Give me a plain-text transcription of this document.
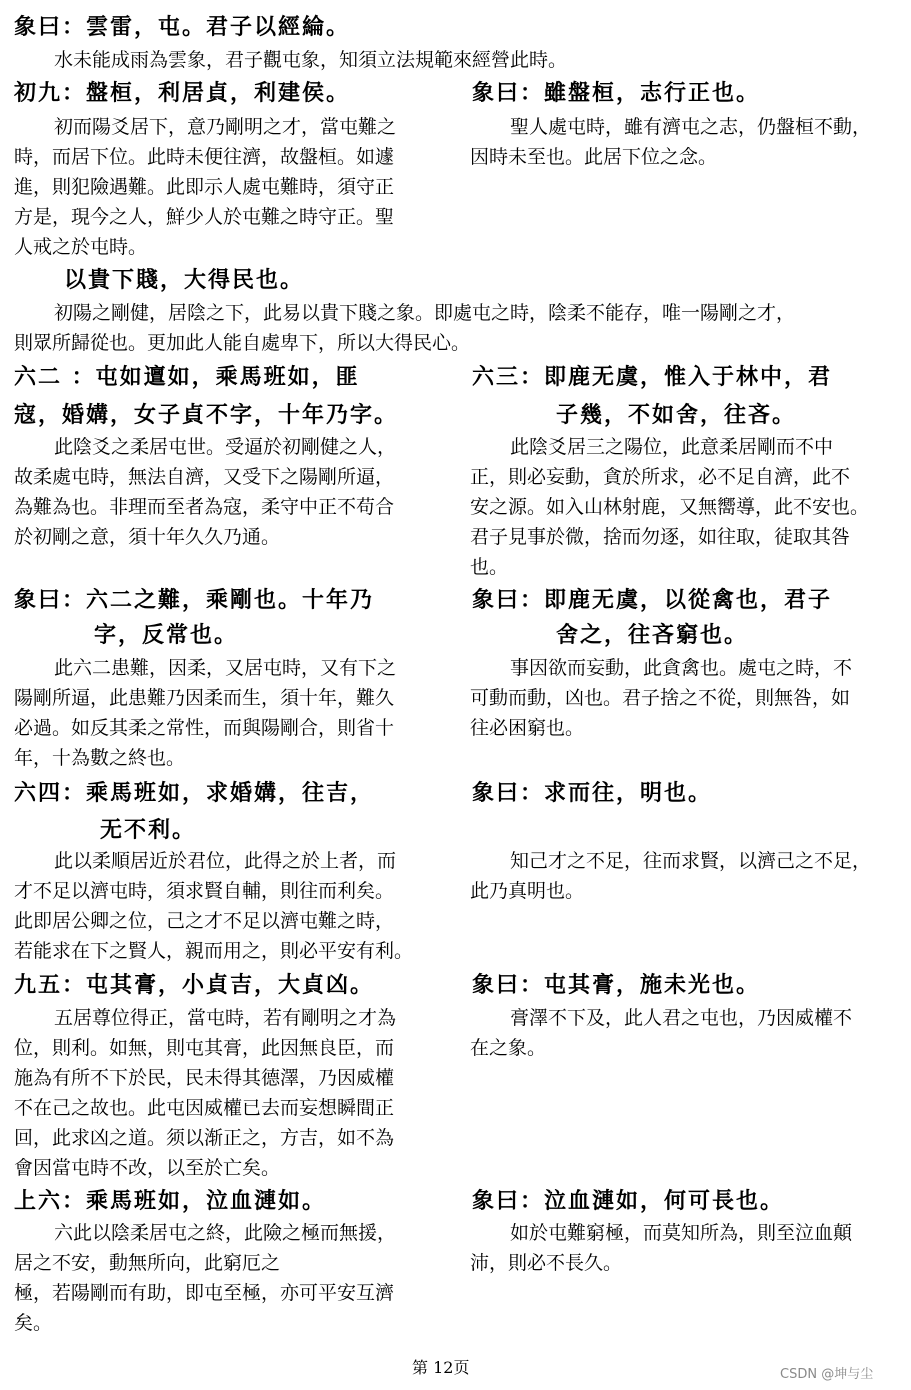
象曰：雲雷，屯。君子以經綸。
水未能成雨為雲象，君子觀屯象，知須立法規範來經營此時。
初九：盤桓，利居貞，利建侯。
初而陽爻居下，意乃剛明之才，當屯難之
時，而居下位。此時未便往濟，故盤桓。如遽
進，則犯險遇難。此即示人處屯難時，須守正
方是，現今之人，鮮少人於屯難之時守正。聖
人戒之於屯時。
象曰：雖盤桓，志行正也。
聖人處屯時，雖有濟屯之志，仍盤桓不動，
因時未至也。此居下位之念。
以貴下賤，大得民也。
初陽之剛健，居陰之下，此易以貴下賤之象。即處屯之時，陰柔不能存，唯一陽剛之才，
則眾所歸從也。更加此人能自處卑下，所以大得民心。
六二 ：屯如邅如，乘馬班如，匪
寇，婚媾，女子貞不字，十年乃字。
此陰爻之柔居屯世。受逼於初剛健之人，
故柔處屯時，無法自濟，又受下之陽剛所逼，
為難為也。非理而至者為寇，柔守中正不苟合
於初剛之意，須十年久久乃通。
六三：即鹿无虞，惟入于林中，君
子幾，不如舍，往吝。
此陰爻居三之陽位，此意柔居剛而不中
正，則必妄動，貪於所求，必不足自濟，此不
安之源。如入山林射鹿，又無嚮導，此不安也。
君子見事於微，捨而勿逐，如往取，徒取其咎
也。
象曰：六二之難，乘剛也。十年乃
字，反常也。
此六二患難，因柔，又居屯時，又有下之
陽剛所逼，此患難乃因柔而生，須十年，難久
必過。如反其柔之常性，而與陽剛合，則省十
年，十為數之終也。
象曰：即鹿无虞，以從禽也，君子
舍之，往吝窮也。
事因欲而妄動，此貪禽也。處屯之時，不
可動而動，凶也。君子捨之不從，則無咎，如
往必困窮也。
六四：乘馬班如，求婚媾，往吉，
无不利。
此以柔順居近於君位，此得之於上者，而
才不足以濟屯時，須求賢自輔，則往而利矣。
此即居公卿之位，己之才不足以濟屯難之時，
若能求在下之賢人，親而用之，則必平安有利。
象曰：求而往，明也。
知己才之不足，往而求賢，以濟己之不足，
此乃真明也。
九五：屯其膏，小貞吉，大貞凶。
五居尊位得正，當屯時，若有剛明之才為
位，則利。如無，則屯其膏，此因無良臣，而
施為有所不下於民，民未得其德澤，乃因威權
不在己之故也。此屯因威權已去而妄想瞬間正
回，此求凶之道。须以渐正之，方吉，如不為
會因當屯時不改，以至於亡矣。
象曰：屯其膏，施未光也。
膏澤不下及，此人君之屯也，乃因威權不
在之象。
上六：乘馬班如，泣血漣如。
六此以陰柔居屯之終，此險之極而無援，
居之不安，動無所向，此窮厄之
極，若陽剛而有助，即屯至極，亦可平安互濟
矣。
象曰：泣血漣如，何可長也。
如於屯難窮極，而莫知所為，則至泣血顛
沛，則必不長久。
第 12页	CSDN @坤与尘
